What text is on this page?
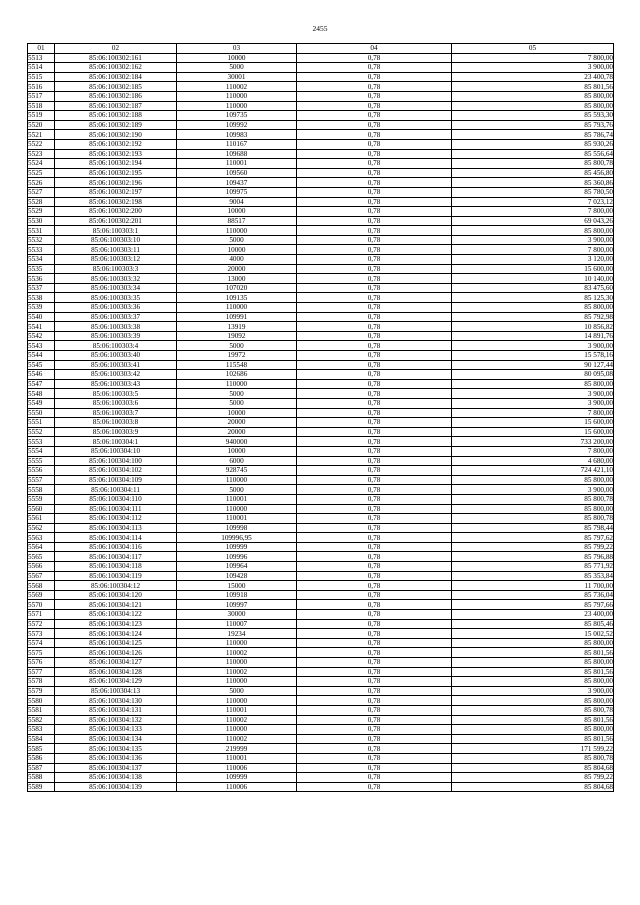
2455
01	02	03	04	05
5513	85:06:100302:161	10000	0,78	7 800,00
5514	85:06:100302:162	5000	0,78	3 900,00
5515	85:06:100302:184	30001	0,78	23 400,78
5516	85:06:100302:185	110002	0,78	85 801,56
5517	85:06:100302:186	110000	0,78	85 800,00
5518	85:06:100302:187	110000	0,78	85 800,00
5519	85:06:100302:188	109735	0,78	85 593,30
5520	85:06:100302:189	109992	0,78	85 793,76
5521	85:06:100302:190	109983	0,78	85 786,74
5522	85:06:100302:192	110167	0,78	85 930,26
5523	85:06:100302:193	109688	0,78	85 556,64
5524	85:06:100302:194	110001	0,78	85 800,78
5525	85:06:100302:195	109560	0,78	85 456,80
5526	85:06:100302:196	109437	0,78	85 360,86
5527	85:06:100302:197	109975	0,78	85 780,50
5528	85:06:100302:198	9004	0,78	7 023,12
5529	85:06:100302:200	10000	0,78	7 800,00
5530	85:06:100302:201	88517	0,78	69 043,26
5531	85:06:100303:1	110000	0,78	85 800,00
5532	85:06:100303:10	5000	0,78	3 900,00
5533	85:06:100303:11	10000	0,78	7 800,00
5534	85:06:100303:12	4000	0,78	3 120,00
5535	85:06:100303:3	20000	0,78	15 600,00
5536	85:06:100303:32	13000	0,78	10 140,00
5537	85:06:100303:34	107020	0,78	83 475,60
5538	85:06:100303:35	109135	0,78	85 125,30
5539	85:06:100303:36	110000	0,78	85 800,00
5540	85:06:100303:37	109991	0,78	85 792,98
5541	85:06:100303:38	13919	0,78	10 856,82
5542	85:06:100303:39	19092	0,78	14 891,76
5543	85:06:100303:4	5000	0,78	3 900,00
5544	85:06:100303:40	19972	0,78	15 578,16
5545	85:06:100303:41	115548	0,78	90 127,44
5546	85:06:100303:42	102686	0,78	80 095,08
5547	85:06:100303:43	110000	0,78	85 800,00
5548	85:06:100303:5	5000	0,78	3 900,00
5549	85:06:100303:6	5000	0,78	3 900,00
5550	85:06:100303:7	10000	0,78	7 800,00
5551	85:06:100303:8	20000	0,78	15 600,00
5552	85:06:100303:9	20000	0,78	15 600,00
5553	85:06:100304:1	940000	0,78	733 200,00
5554	85:06:100304:10	10000	0,78	7 800,00
5555	85:06:100304:100	6000	0,78	4 680,00
5556	85:06:100304:102	928745	0,78	724 421,10
5557	85:06:100304:109	110000	0,78	85 800,00
5558	85:06:100304:11	5000	0,78	3 900,00
5559	85:06:100304:110	110001	0,78	85 800,78
5560	85:06:100304:111	110000	0,78	85 800,00
5561	85:06:100304:112	110001	0,78	85 800,78
5562	85:06:100304:113	109998	0,78	85 798,44
5563	85:06:100304:114	109996,95	0,78	85 797,62
5564	85:06:100304:116	109999	0,78	85 799,22
5565	85:06:100304:117	109996	0,78	85 796,88
5566	85:06:100304:118	109964	0,78	85 771,92
5567	85:06:100304:119	109428	0,78	85 353,84
5568	85:06:100304:12	15000	0,78	11 700,00
5569	85:06:100304:120	109918	0,78	85 736,04
5570	85:06:100304:121	109997	0,78	85 797,66
5571	85:06:100304:122	30000	0,78	23 400,00
5572	85:06:100304:123	110007	0,78	85 805,46
5573	85:06:100304:124	19234	0,78	15 002,52
5574	85:06:100304:125	110000	0,78	85 800,00
5575	85:06:100304:126	110002	0,78	85 801,56
5576	85:06:100304:127	110000	0,78	85 800,00
5577	85:06:100304:128	110002	0,78	85 801,56
5578	85:06:100304:129	110000	0,78	85 800,00
5579	85:06:100304:13	5000	0,78	3 900,00
5580	85:06:100304:130	110000	0,78	85 800,00
5581	85:06:100304:131	110001	0,78	85 800,78
5582	85:06:100304:132	110002	0,78	85 801,56
5583	85:06:100304:133	110000	0,78	85 800,00
5584	85:06:100304:134	110002	0,78	85 801,56
5585	85:06:100304:135	219999	0,78	171 599,22
5586	85:06:100304:136	110001	0,78	85 800,78
5587	85:06:100304:137	110006	0,78	85 804,68
5588	85:06:100304:138	109999	0,78	85 799,22
5589	85:06:100304:139	110006	0,78	85 804,68
